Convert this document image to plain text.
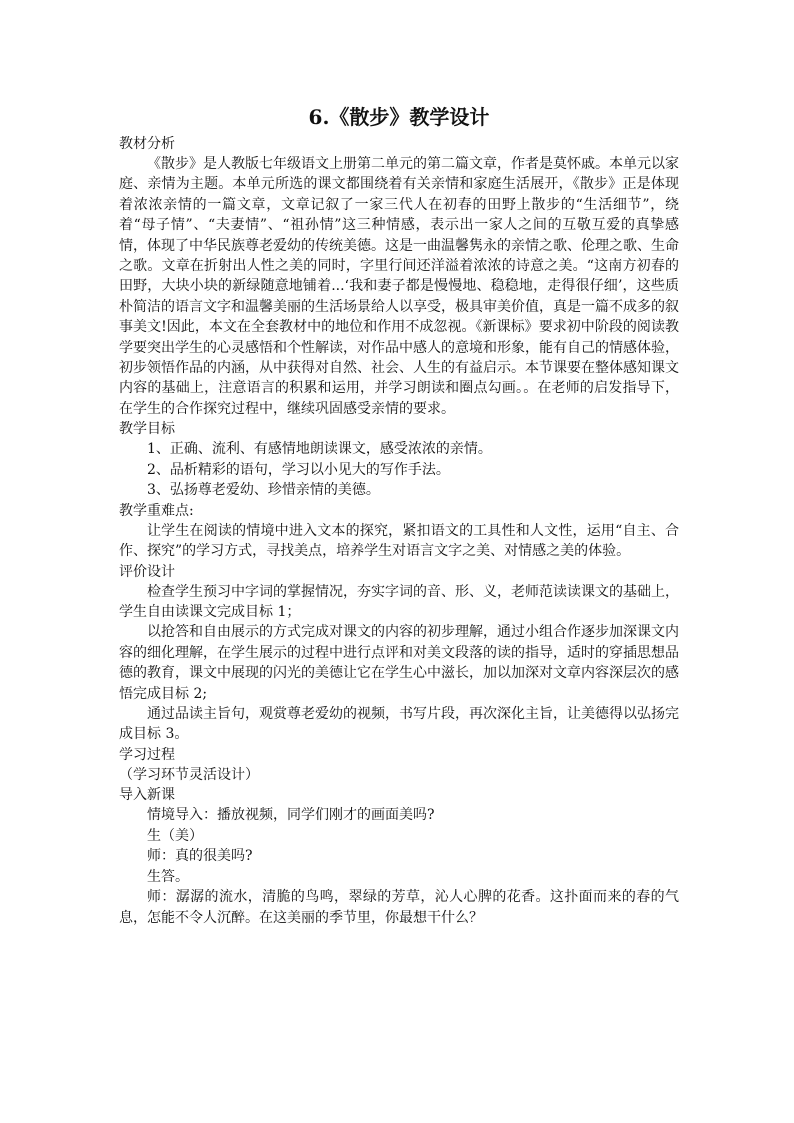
6.《散步》教学设计
教材分析

《散步》是人教版七年级语文上册第二单元的第二篇文章，作者是莫怀戚。本单元以家庭、亲情为主题。本单元所选的课文都围绕着有关亲情和家庭生活展开，《散步》正是体现着浓浓亲情的一篇文章，文章记叙了一家三代人在初春的田野上散步的“生活细节”，绕着“母子情”、“夫妻情”、“祖孙情”这三种情感，表示出一家人之间的互敬互爱的真挚感情，体现了中华民族尊老爱幼的传统美德。这是一曲温馨隽永的亲情之歌、伦理之歌、生命之歌。文章在折射出人性之美的同时，字里行间还洋溢着浓浓的诗意之美。“这南方初春的田野，大块小块的新绿随意地铺着...‘我和妻子都是慢慢地、稳稳地，走得很仔细’，这些质朴简洁的语言文字和温馨美丽的生活场景给人以享受，极具审美价值，真是一篇不成多的叙事美文!因此，本文在全套教材中的地位和作用不成忽视。《新课标》要求初中阶段的阅读教学要突出学生的心灵感悟和个性解读，对作品中感人的意境和形象，能有自己的情感体验，初步领悟作品的内涵，从中获得对自然、社会、人生的有益启示。本节课要在整体感知课文内容的基础上，注意语言的积累和运用，并学习朗读和圈点勾画。。在老师的启发指导下，在学生的合作探究过程中，继续巩固感受亲情的要求。

教学目标
1、正确、流利、有感情地朗读课文，感受浓浓的亲情。
2、品析精彩的语句，学习以小见大的写作手法。
3、弘扬尊老爱幼、珍惜亲情的美德。
教学重难点:

让学生在阅读的情境中进入文本的探究，紧扣语文的工具性和人文性，运用“自主、合作、探究”的学习方式，寻找美点，培养学生对语言文字之美、对情感之美的体验。

评价设计

检查学生预习中字词的掌握情况，夯实字词的音、形、义，老师范读读课文的基础上，学生自由读课文完成目标 1；

以抢答和自由展示的方式完成对课文的内容的初步理解，通过小组合作逐步加深课文内容的细化理解，在学生展示的过程中进行点评和对美文段落的读的指导，适时的穿插思想品德的教育，课文中展现的闪光的美德让它在学生心中滋长，加以加深对文章内容深层次的感悟完成目标 2;

通过品读主旨句，观赏尊老爱幼的视频，书写片段，再次深化主旨，让美德得以弘扬完成目标 3。

学习过程
（学习环节灵活设计）
导入新课
情境导入：播放视频，同学们刚才的画面美吗?
生（美）
师：真的很美吗?
生答。

师：潺潺的流水，清脆的鸟鸣，翠绿的芳草，沁人心脾的花香。这扑面而来的春的气息，怎能不令人沉醉。在这美丽的季节里，你最想干什么？
